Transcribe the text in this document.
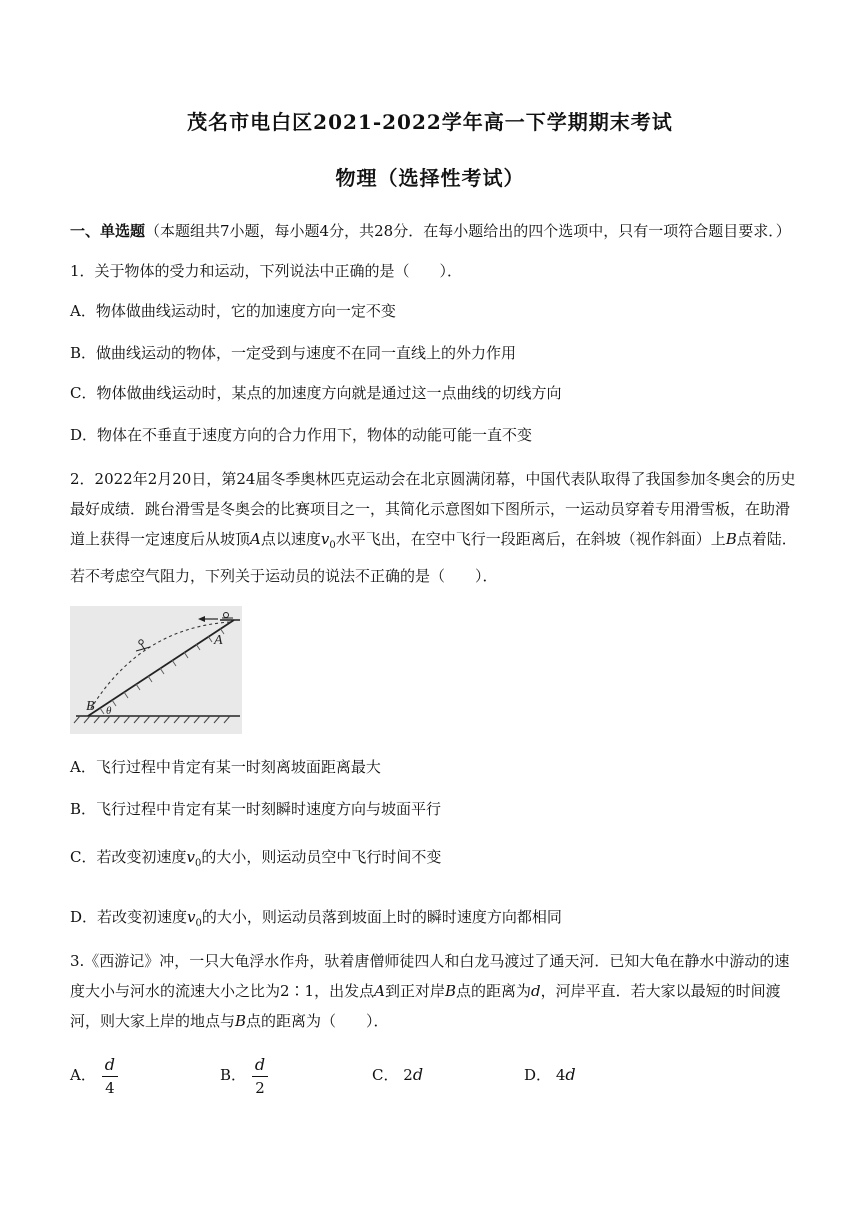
茂名市电白区2021-2022学年高一下学期期末考试
物理（选择性考试）
一、单选题（本题组共7小题，每小题4分，共28分．在每小题给出的四个选项中，只有一项符合题目要求．）
1．关于物体的受力和运动，下列说法中正确的是（　　）．
A．物体做曲线运动时，它的加速度方向一定不变
B．做曲线运动的物体，一定受到与速度不在同一直线上的外力作用
C．物体做曲线运动时，某点的加速度方向就是通过这一点曲线的切线方向
D．物体在不垂直于速度方向的合力作用下，物体的动能可能一直不变
2．2022年2月20日，第24届冬季奥林匹克运动会在北京圆满闭幕，中国代表队取得了我国参加冬奥会的历史最好成绩．跳台滑雪是冬奥会的比赛项目之一，其简化示意图如下图所示，一运动员穿着专用滑雪板，在助滑道上获得一定速度后从坡顶A点以速度$v_0$水平飞出，在空中飞行一段距离后，在斜坡（视作斜面）上B点着陆．若不考虑空气阻力，下列关于运动员的说法不正确的是（　　）．
A
B θ
A．飞行过程中肯定有某一时刻离坡面距离最大
B．飞行过程中肯定有某一时刻瞬时速度方向与坡面平行
C．若改变初速度$v_0$的大小，则运动员空中飞行时间不变
D．若改变初速度$v_0$的大小，则运动员落到坡面上时的瞬时速度方向都相同
3.《西游记》冲，一只大龟浮水作舟，驮着唐僧师徒四人和白龙马渡过了通天河．已知大龟在静水中游动的速度大小与河水的流速大小之比为2∶1，出发点A到正对岸B点的距离为d，河岸平直．若大家以最短的时间渡河，则大家上岸的地点与B点的距离为（　　）．
A． $\frac{d}{4}$	B． $\frac{d}{2}$	C． 2d	D． 4d
